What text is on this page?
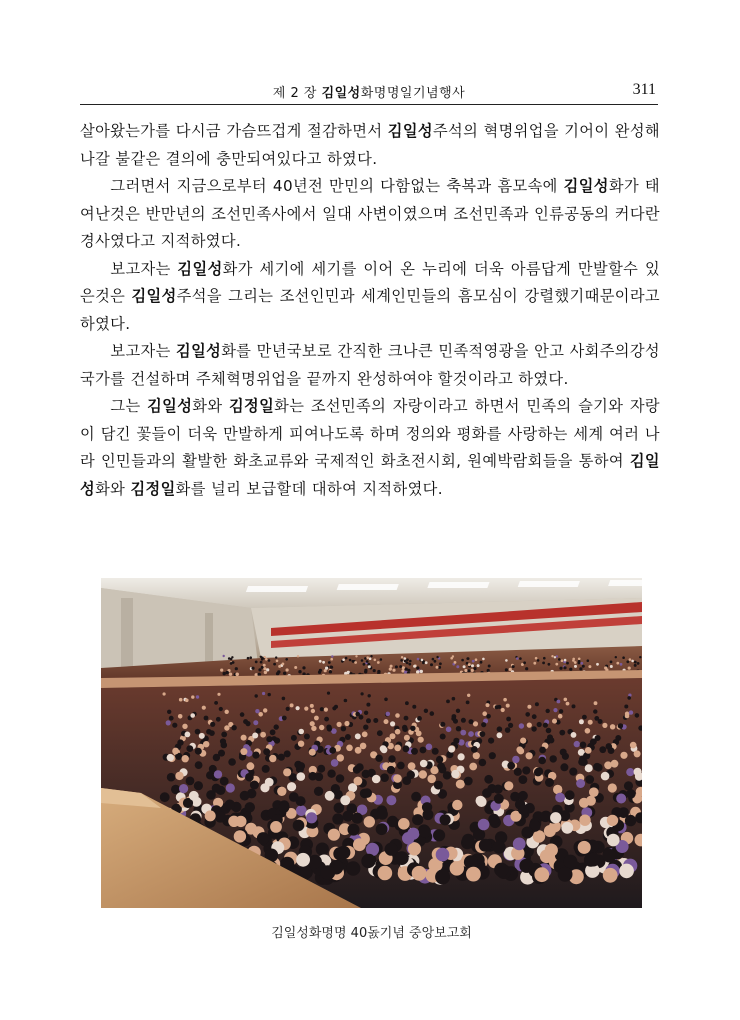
제 2 장 김일성화명명일기념행사	311

살아왔는가를 다시금 가슴뜨겁게 절감하면서 김일성주석의 혁명위업을 기어이 완성해나갈 불같은 결의에 충만되여있다고 하였다.

그러면서 지금으로부터 40년전 만민의 다함없는 축복과 흠모속에 김일성화가 태여난것은 반만년의 조선민족사에서 일대 사변이였으며 조선민족과 인류공동의 커다란 경사였다고 지적하였다.

보고자는 김일성화가 세기에 세기를 이어 온 누리에 더욱 아름답게 만발할수 있은것은 김일성주석을 그리는 조선인민과 세계인민들의 흠모심이 강렬했기때문이라고 하였다.

보고자는 김일성화를 만년국보로 간직한 크나큰 민족적영광을 안고 사회주의강성국가를 건설하며 주체혁명위업을 끝까지 완성하여야 할것이라고 하였다.

그는 김일성화와 김정일화는 조선민족의 자랑이라고 하면서 민족의 슬기와 자랑이 담긴 꽃들이 더욱 만발하게 피여나도록 하며 정의와 평화를 사랑하는 세계 여러 나라 인민들과의 활발한 화초교류와 국제적인 화초전시회, 원예박람회들을 통하여 김일성화와 김정일화를 널리 보급할데 대하여 지적하였다.

김일성화명명 40돐기념 중앙보고회
